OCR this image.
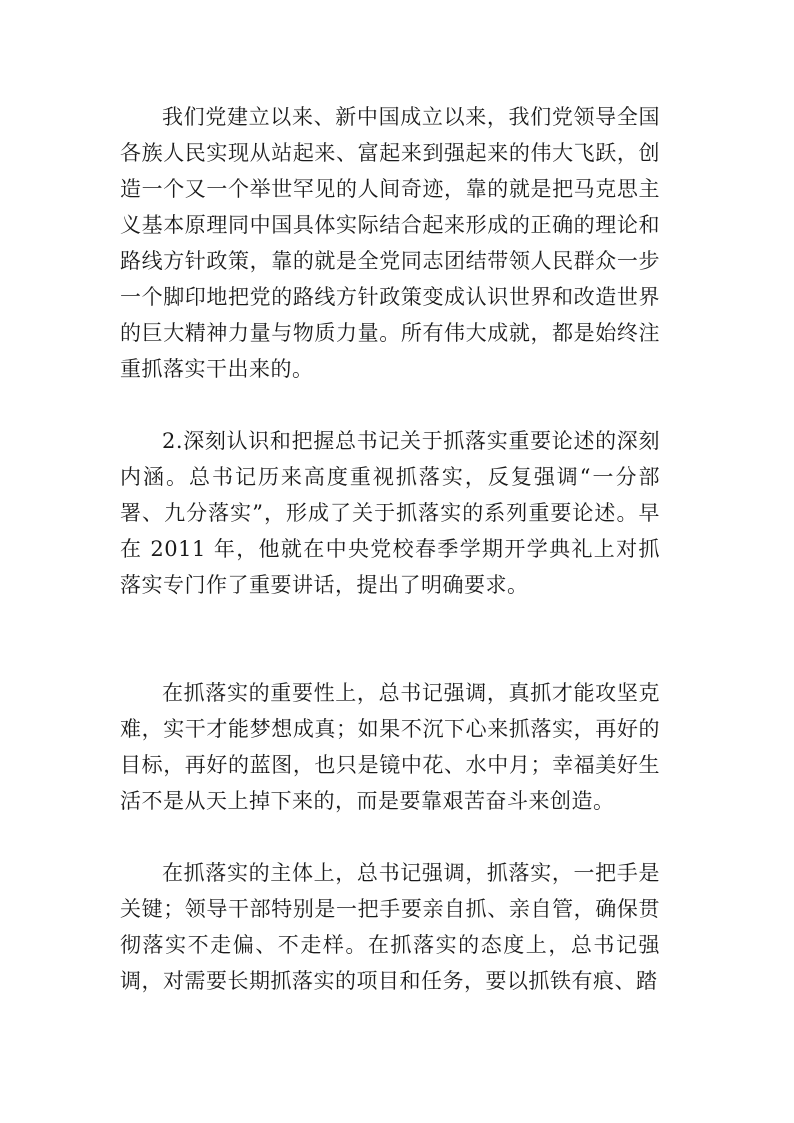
我们党建立以来、新中国成立以来，我们党领导全国各族人民实现从站起来、富起来到强起来的伟大飞跃，创造一个又一个举世罕见的人间奇迹，靠的就是把马克思主义基本原理同中国具体实际结合起来形成的正确的理论和路线方针政策，靠的就是全党同志团结带领人民群众一步一个脚印地把党的路线方针政策变成认识世界和改造世界的巨大精神力量与物质力量。所有伟大成就，都是始终注重抓落实干出来的。

2.深刻认识和把握总书记关于抓落实重要论述的深刻内涵。总书记历来高度重视抓落实，反复强调“一分部署、九分落实”，形成了关于抓落实的系列重要论述。早在 2011 年，他就在中央党校春季学期开学典礼上对抓落实专门作了重要讲话，提出了明确要求。

在抓落实的重要性上，总书记强调，真抓才能攻坚克难，实干才能梦想成真；如果不沉下心来抓落实，再好的目标，再好的蓝图，也只是镜中花、水中月；幸福美好生活不是从天上掉下来的，而是要靠艰苦奋斗来创造。

在抓落实的主体上，总书记强调，抓落实，一把手是关键；领导干部特别是一把手要亲自抓、亲自管，确保贯彻落实不走偏、不走样。在抓落实的态度上，总书记强调，对需要长期抓落实的项目和任务，要以抓铁有痕、踏
